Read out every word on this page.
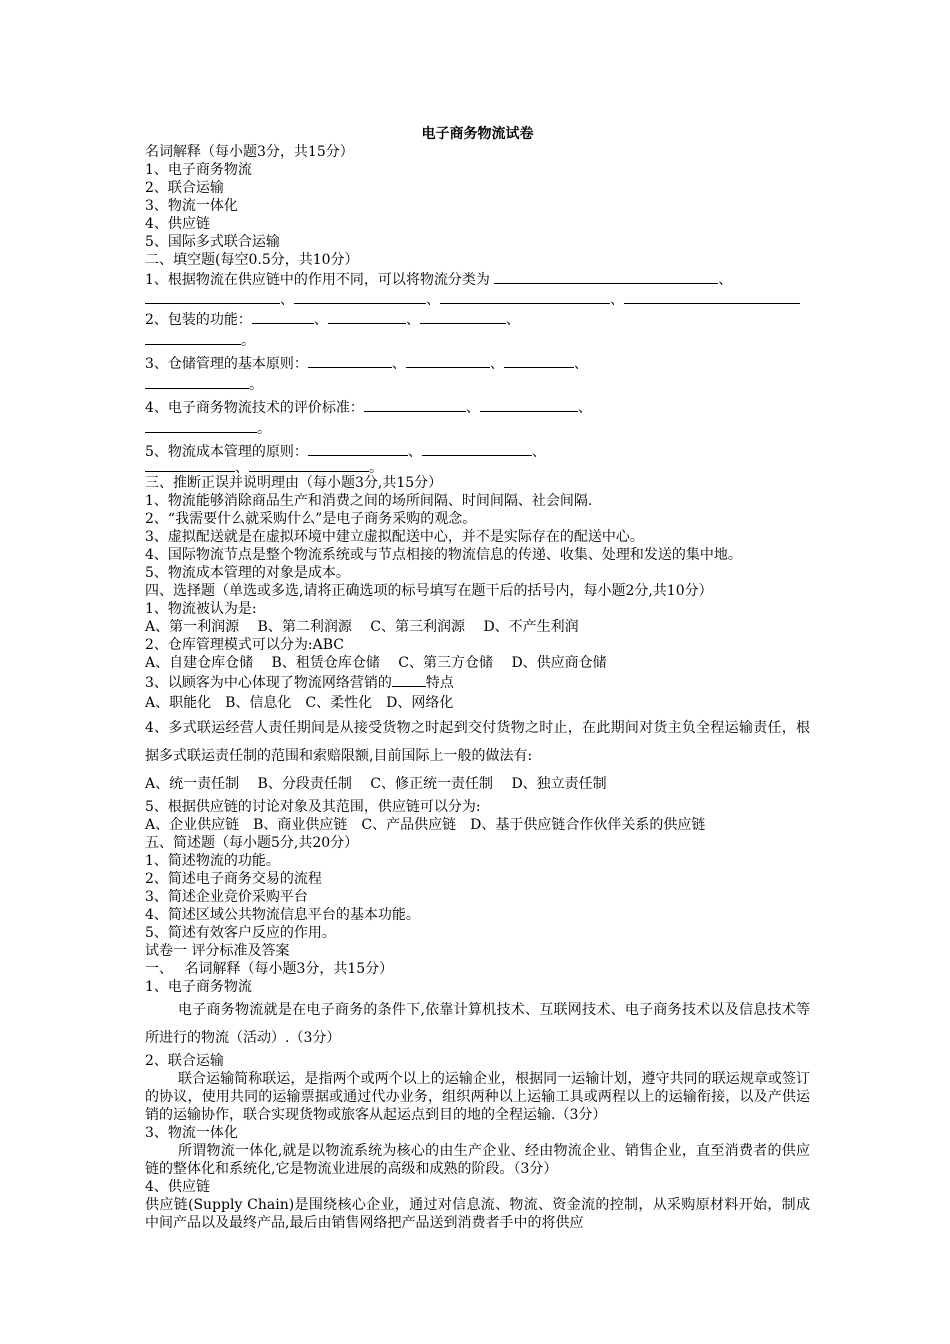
电子商务物流试卷

名词解释（每小题3分，共15分）

1、电子商务物流

2、联合运输

3、物流一体化

4、供应链

5、国际多式联合运输

二、填空题(每空0.5分，共10分）

1、根据物流在供应链中的作用不同，可以将物流分类为	、

、	、	、

2、包装的功能：	、	、	、

。

3、仓储管理的基本原则：	、	、	、

。

4、电子商务物流技术的评价标准：	、	、

。

5、物流成本管理的原则：	、	、

、	。

三、推断正误并说明理由（每小题3分,共15分）

1、物流能够消除商品生产和消费之间的场所间隔、时间间隔、社会间隔.

2、“我需要什么就采购什么”是电子商务采购的观念。

3、虚拟配送就是在虚拟环境中建立虚拟配送中心，并不是实际存在的配送中心。

4、国际物流节点是整个物流系统或与节点相接的物流信息的传递、收集、处理和发送的集中地。

5、物流成本管理的对象是成本。

四、选择题（单选或多选,请将正确选项的标号填写在题干后的括号内，每小题2分,共10分）

1、物流被认为是:

A、第一利润源　 B、第二利润源　 C、第三利润源　 D、不产生利润

2、仓库管理模式可以分为:ABC

A、自建仓库仓储　 B、租赁仓库仓储　 C、第三方仓储　 D、供应商仓储

3、以顾客为中心体现了物流网络营销的 特点

A、职能化　B、信息化　C、柔性化　D、网络化

4、多式联运经营人责任期间是从接受货物之时起到交付货物之时止，在此期间对货主负全程运输责任，根据多式联运责任制的范围和索赔限额,目前国际上一般的做法有:

A、统一责任制　 B、分段责任制　 C、修正统一责任制　 D、独立责任制

5、根据供应链的讨论对象及其范围，供应链可以分为:

A、企业供应链　B、商业供应链　C、产品供应链　D、基于供应链合作伙伴关系的供应链

五、简述题（每小题5分,共20分）

1、简述物流的功能。

2、简述电子商务交易的流程

3、简述企业竞价采购平台

4、简述区域公共物流信息平台的基本功能。

5、简述有效客户反应的作用。

试卷一 评分标准及答案

一、　 名词解释（每小题3分，共15分）

1、电子商务物流

电子商务物流就是在电子商务的条件下,依靠计算机技术、互联网技术、电子商务技术以及信息技术等所进行的物流（活动）.（3分）

2、联合运输

联合运输简称联运，是指两个或两个以上的运输企业，根据同一运输计划，遵守共同的联运规章或签订的协议，使用共同的运输票据或通过代办业务，组织两种以上运输工具或两程以上的运输衔接，以及产供运销的运输协作，联合实现货物或旅客从起运点到目的地的全程运输.（3分）

3、物流一体化

所谓物流一体化,就是以物流系统为核心的由生产企业、经由物流企业、销售企业，直至消费者的供应链的整体化和系统化,它是物流业进展的高级和成熟的阶段。（3分）

4、供应链

供应链(Supply Chain)是围绕核心企业，通过对信息流、物流、资金流的控制，从采购原材料开始，制成中间产品以及最终产品,最后由销售网络把产品送到消费者手中的将供应
